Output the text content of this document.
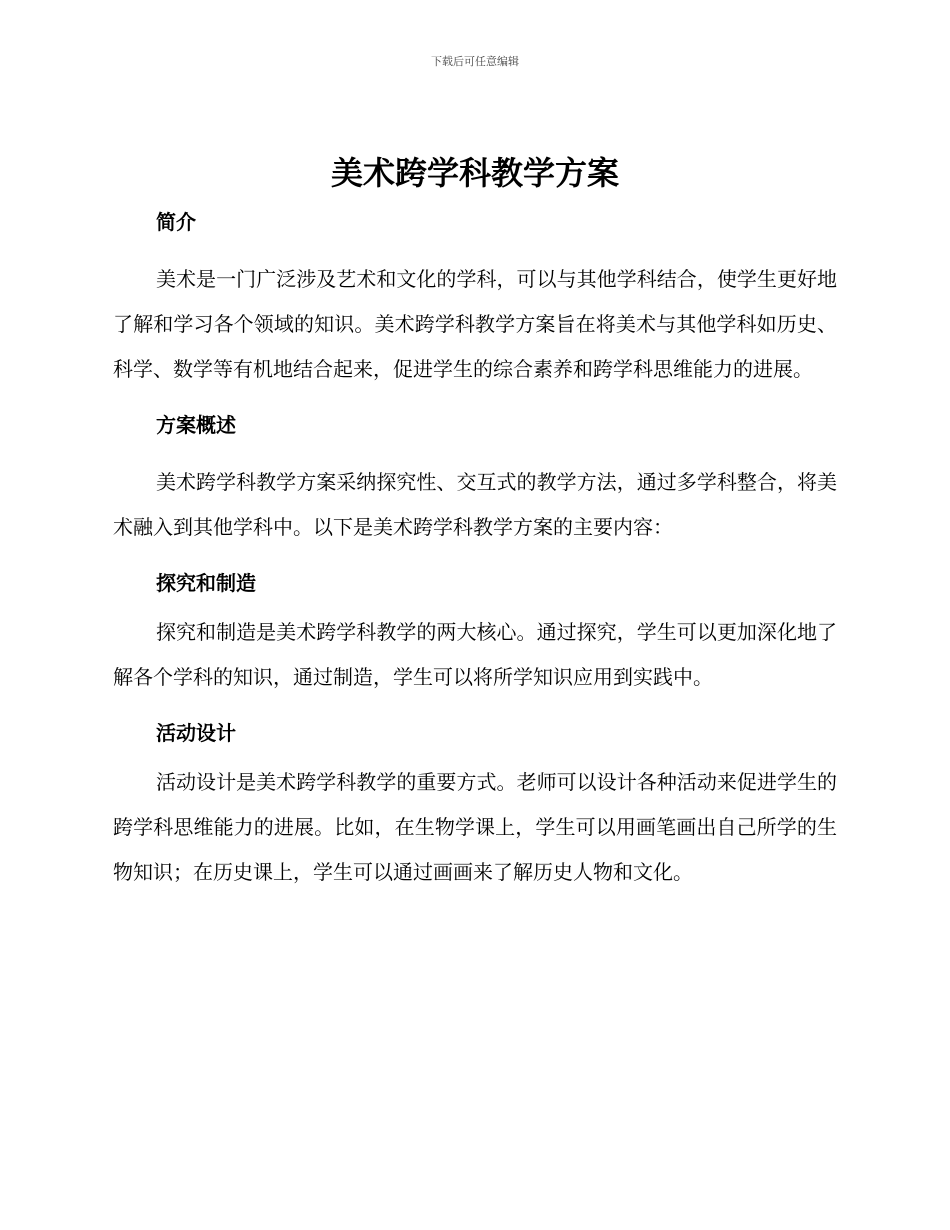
下载后可任意编辑
美术跨学科教学方案
简介

美术是一门广泛涉及艺术和文化的学科，可以与其他学科结合，使学生更好地了解和学习各个领域的知识。美术跨学科教学方案旨在将美术与其他学科如历史、科学、数学等有机地结合起来，促进学生的综合素养和跨学科思维能力的进展。

方案概述

美术跨学科教学方案采纳探究性、交互式的教学方法，通过多学科整合，将美术融入到其他学科中。以下是美术跨学科教学方案的主要内容：

探究和制造

探究和制造是美术跨学科教学的两大核心。通过探究，学生可以更加深化地了解各个学科的知识，通过制造，学生可以将所学知识应用到实践中。

活动设计

活动设计是美术跨学科教学的重要方式。老师可以设计各种活动来促进学生的跨学科思维能力的进展。比如，在生物学课上，学生可以用画笔画出自己所学的生物知识；在历史课上，学生可以通过画画来了解历史人物和文化。
